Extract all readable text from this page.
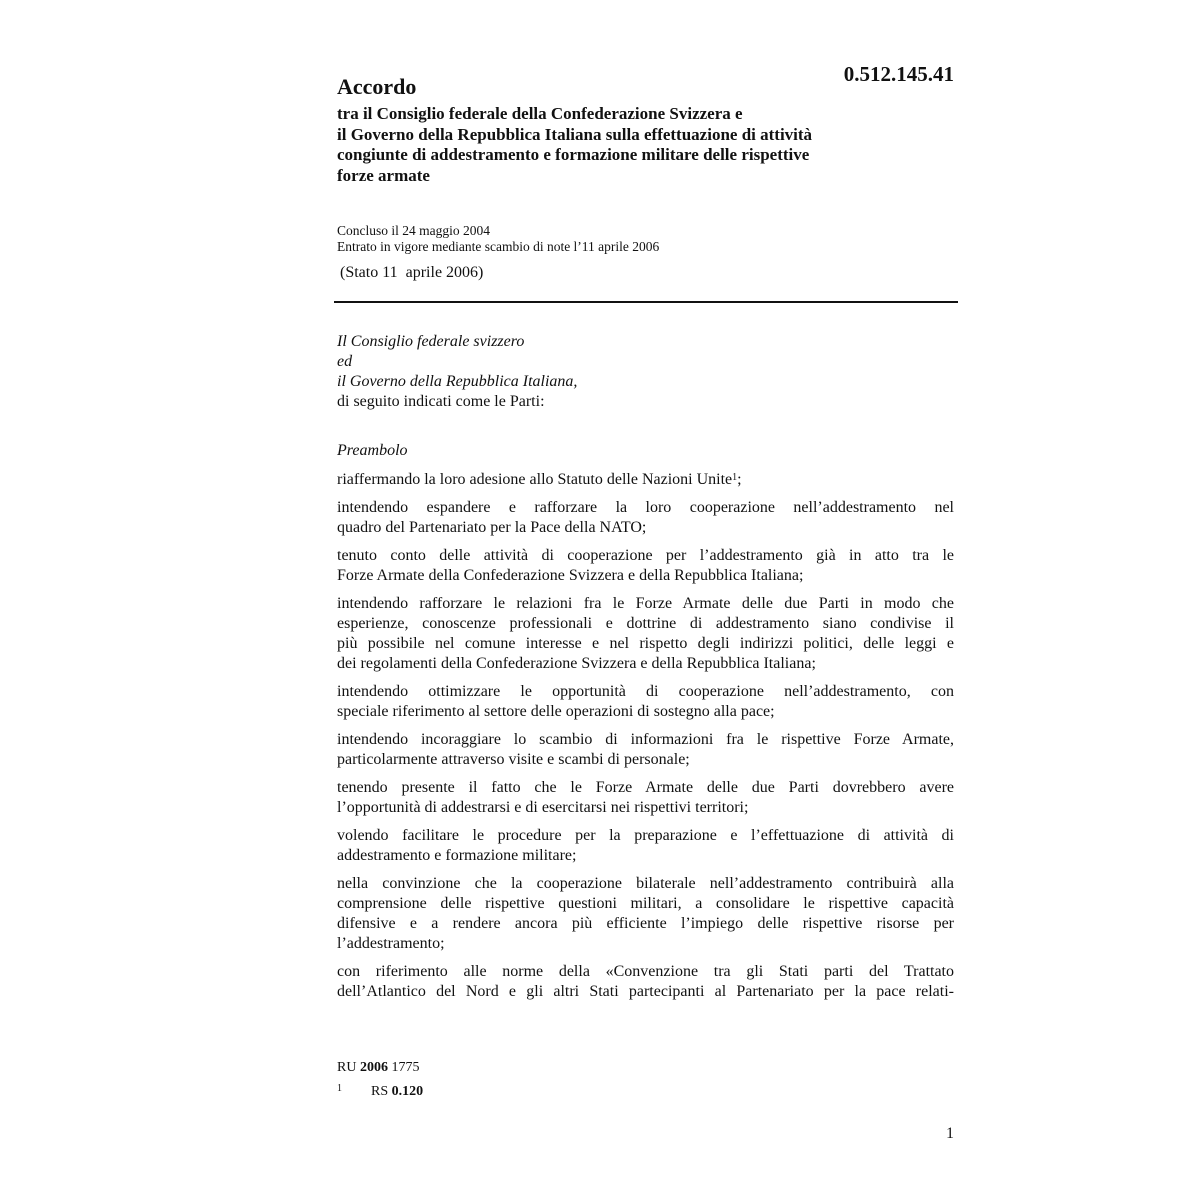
0.512.145.41
Accordo
tra il Consiglio federale della Confederazione Svizzera e
il Governo della Repubblica Italiana sulla effettuazione di attività
congiunte di addestramento e formazione militare delle rispettive
forze armate
Concluso il 24 maggio 2004
Entrato in vigore mediante scambio di note l’11 aprile 2006
(Stato 11  aprile 2006)
Il Consiglio federale svizzero
ed
il Governo della Repubblica Italiana,
di seguito indicati come le Parti:
Preambolo
riaffermando la loro adesione allo Statuto delle Nazioni Unite$^1$;
intendendo espandere e rafforzare la loro cooperazione nell’addestramento nel
quadro del Partenariato per la Pace della NATO;
tenuto conto delle attività di cooperazione per l’addestramento già in atto tra le
Forze Armate della Confederazione Svizzera e della Repubblica Italiana;
intendendo rafforzare le relazioni fra le Forze Armate delle due Parti in modo che
esperienze, conoscenze professionali e dottrine di addestramento siano condivise il
più possibile nel comune interesse e nel rispetto degli indirizzi politici, delle leggi e
dei regolamenti della Confederazione Svizzera e della Repubblica Italiana;
intendendo ottimizzare le opportunità di cooperazione nell’addestramento, con
speciale riferimento al settore delle operazioni di sostegno alla pace;
intendendo incoraggiare lo scambio di informazioni fra le rispettive Forze Armate,
particolarmente attraverso visite e scambi di personale;
tenendo presente il fatto che le Forze Armate delle due Parti dovrebbero avere
l’opportunità di addestrarsi e di esercitarsi nei rispettivi territori;
volendo facilitare le procedure per la preparazione e l’effettuazione di attività di
addestramento e formazione militare;
nella convinzione che la cooperazione bilaterale nell’addestramento contribuirà alla
comprensione delle rispettive questioni militari, a consolidare le rispettive capacità
difensive e a rendere ancora più efficiente l’impiego delle rispettive risorse per
l’addestramento;
con riferimento alle norme della «Convenzione tra gli Stati parti del Trattato
dell’Atlantico del Nord e gli altri Stati partecipanti al Partenariato per la pace relati-
RU 2006 1775
1 RS 0.120
1
